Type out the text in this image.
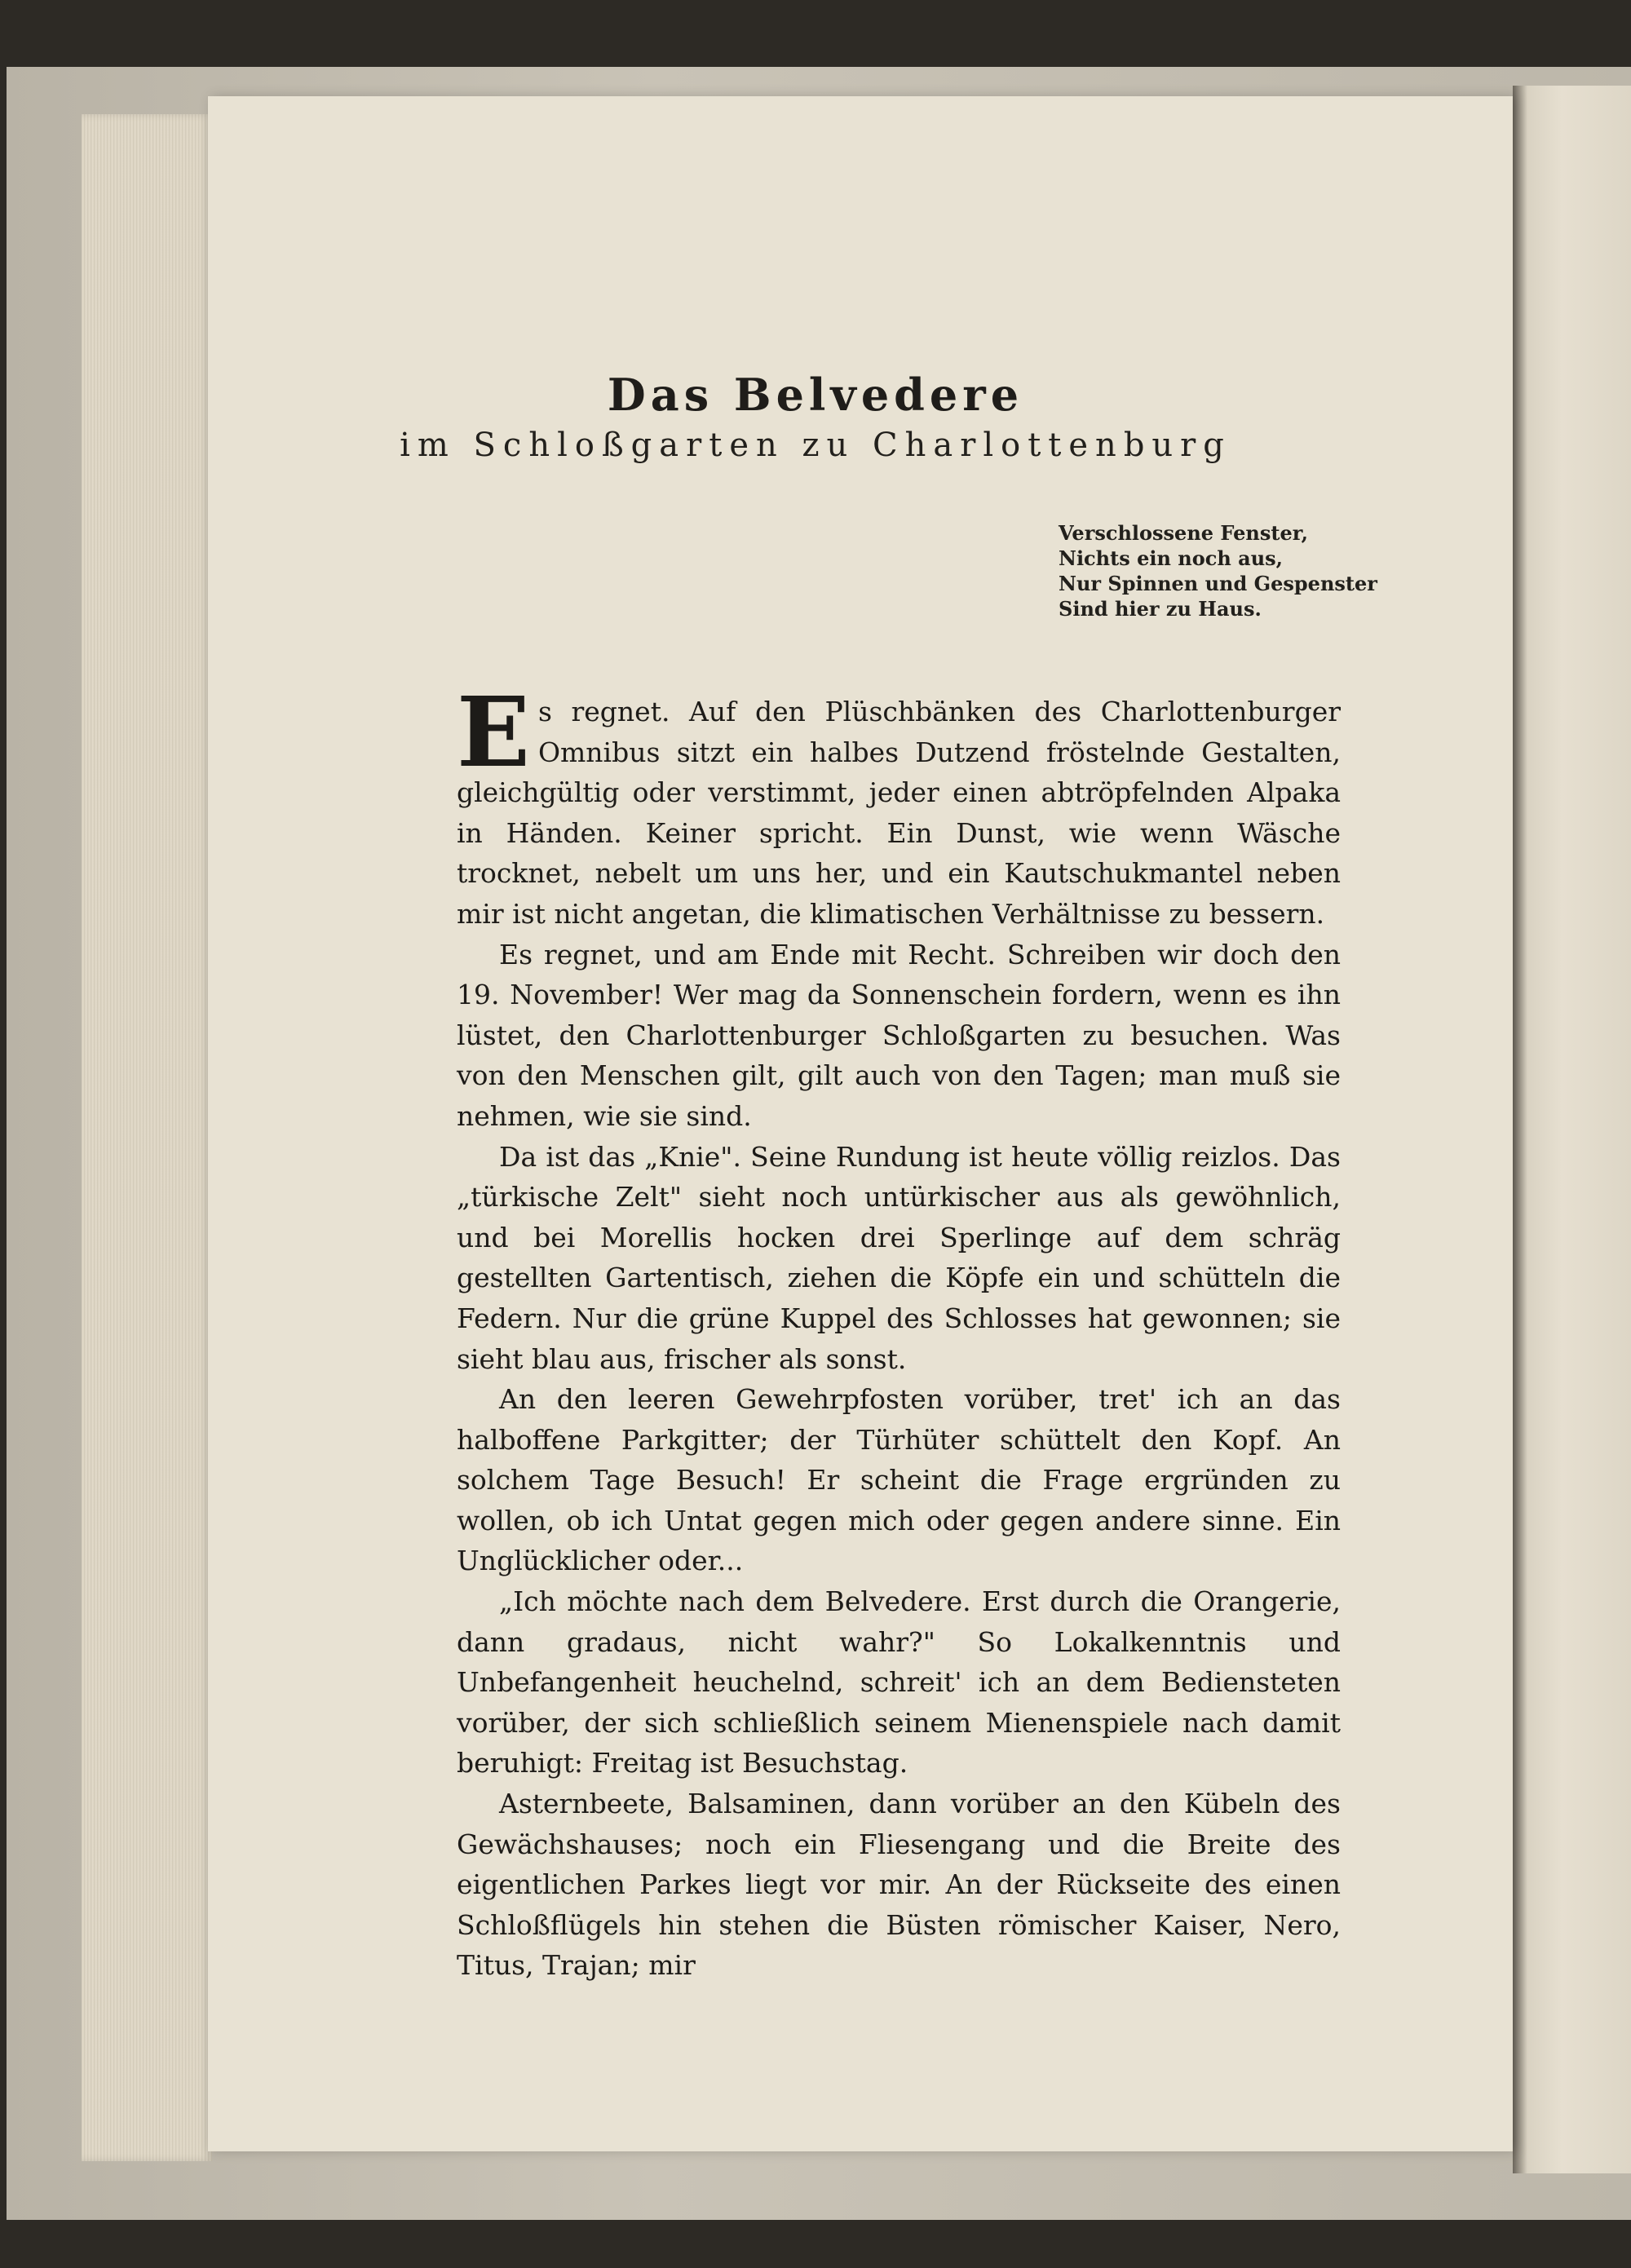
Das Belvedere
im Schloßgarten zu Charlottenburg
Verschlossene Fenster,
Nichts ein noch aus,
Nur Spinnen und Gespenster
Sind hier zu Haus.

Es regnet. Auf den Plüschbänken des Charlottenburger Omnibus sitzt ein halbes Dutzend fröstelnde Gestalten, gleichgültig oder verstimmt, jeder einen abtröpfelnden Alpaka in Händen. Keiner spricht. Ein Dunst, wie wenn Wäsche trocknet, nebelt um uns her, und ein Kautschukmantel neben mir ist nicht angetan, die klimatischen Verhältnisse zu bessern.

Es regnet, und am Ende mit Recht. Schreiben wir doch den 19. November! Wer mag da Sonnenschein fordern, wenn es ihn lüstet, den Charlottenburger Schloßgarten zu besuchen. Was von den Menschen gilt, gilt auch von den Tagen; man muß sie nehmen, wie sie sind.

Da ist das „Knie". Seine Rundung ist heute völlig reizlos. Das „türkische Zelt" sieht noch untürkischer aus als gewöhnlich, und bei Morellis hocken drei Sperlinge auf dem schräg gestellten Gartentisch, ziehen die Köpfe ein und schütteln die Federn. Nur die grüne Kuppel des Schlosses hat gewonnen; sie sieht blau aus, frischer als sonst.

An den leeren Gewehrpfosten vorüber, tret' ich an das halboffene Parkgitter; der Türhüter schüttelt den Kopf. An solchem Tage Besuch! Er scheint die Frage ergründen zu wollen, ob ich Untat gegen mich oder gegen andere sinne. Ein Unglücklicher oder...

„Ich möchte nach dem Belvedere. Erst durch die Orangerie, dann gradaus, nicht wahr?" So Lokalkenntnis und Unbefangenheit heuchelnd, schreit' ich an dem Bediensteten vorüber, der sich schließlich seinem Mienenspiele nach damit beruhigt: Freitag ist Besuchstag.

Asternbeete, Balsaminen, dann vorüber an den Kübeln des Gewächshauses; noch ein Fliesengang und die Breite des eigentlichen Parkes liegt vor mir. An der Rückseite des einen Schloßflügels hin stehen die Büsten römischer Kaiser, Nero, Titus, Trajan; mir
